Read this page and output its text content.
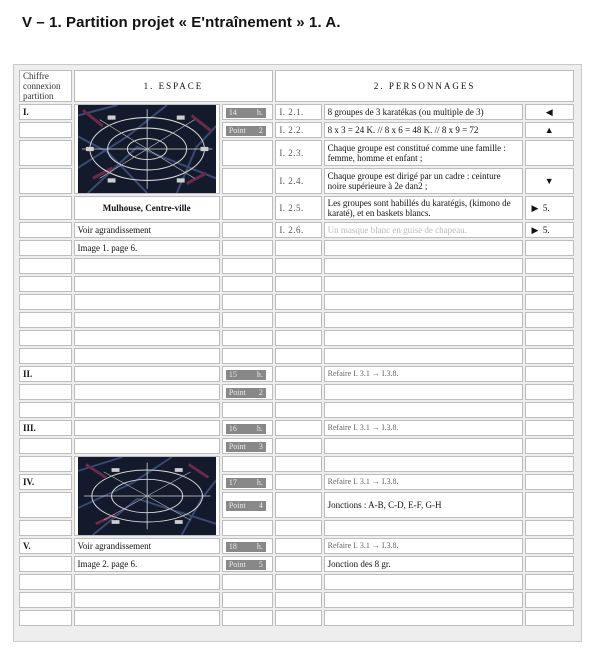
V – 1. Partition projet « E'ntraînement » 1. A.
Chiffre connexion partition	1. ESPACE		2. PERSONNAGES		
I.		14 h.	I. 2.1.	8 groupes de 3 karatékas (ou multiple de 3)	◀

		Point 2	I. 2.2.	8 x 3 = 24 K. // 8 x 6 = 48 K. // 8 x 9 = 72	▲
			I. 2.3.	Chaque groupe est constitué comme une famille : femme, homme et enfant ;	
			I. 2.4.	Chaque groupe est dirigé par un cadre : ceinture noire supérieure à 2e dan2 ;	▼
	Mulhouse, Centre-ville		I. 2.5.	Les groupes sont habillés du karatégis, (kimono de karaté), et en baskets blancs.	▶ 5.
	Voir agrandissement		I. 2.6.	Un masque blanc en guise de chapeau.	▶ 5.
	Image 1. page 6.				

II.		15 h.		Refaire I. 3.1 → I.3.8.	

		Point 2			

III.		16 h.		Refaire I. 3.1 → I.3.8.	

		Point 3			

IV.		17 h.		Refaire I. 3.1 → I.3.8.	

		Point 4		Jonctions : A-B, C-D, E-F, G-H	

V.	Voir agrandissement	18 h.		Refaire I. 3.1 → I.3.8.	
	Image 2. page 6.	Point 5		Jonction des 8 gr.	
